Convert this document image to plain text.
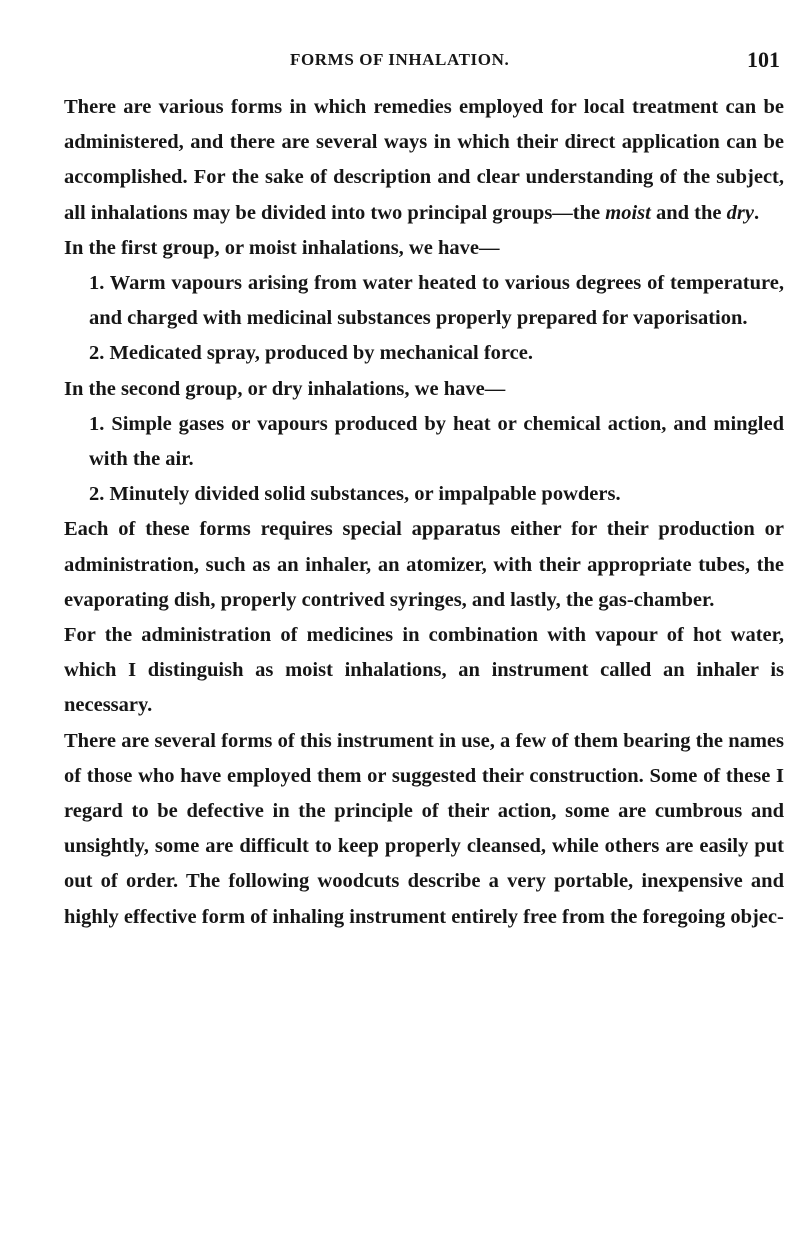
FORMS OF INHALATION.	101

There are various forms in which remedies employed for local treatment can be administered, and there are several ways in which their direct application can be accomplished. For the sake of description and clear understanding of the subject, all inhalations may be divided into two principal groups—the moist and the dry.

In the first group, or moist inhalations, we have—

1. Warm vapours arising from water heated to various degrees of temperature, and charged with medicinal substances properly prepared for vaporisation.

2. Medicated spray, produced by mechanical force.

In the second group, or dry inhalations, we have—

1. Simple gases or vapours produced by heat or chemical action, and mingled with the air.

2. Minutely divided solid substances, or impalpable powders.

Each of these forms requires special apparatus either for their production or administration, such as an inhaler, an atomizer, with their appropriate tubes, the evaporating dish, properly contrived syringes, and lastly, the gas-chamber.

For the administration of medicines in combination with vapour of hot water, which I distinguish as moist inhalations, an instrument called an inhaler is necessary.

There are several forms of this instrument in use, a few of them bearing the names of those who have employed them or suggested their construction. Some of these I regard to be defective in the principle of their action, some are cumbrous and unsightly, some are difficult to keep properly cleansed, while others are easily put out of order. The following woodcuts describe a very portable, inexpensive and highly effective form of inhaling instrument entirely free from the foregoing objec-
